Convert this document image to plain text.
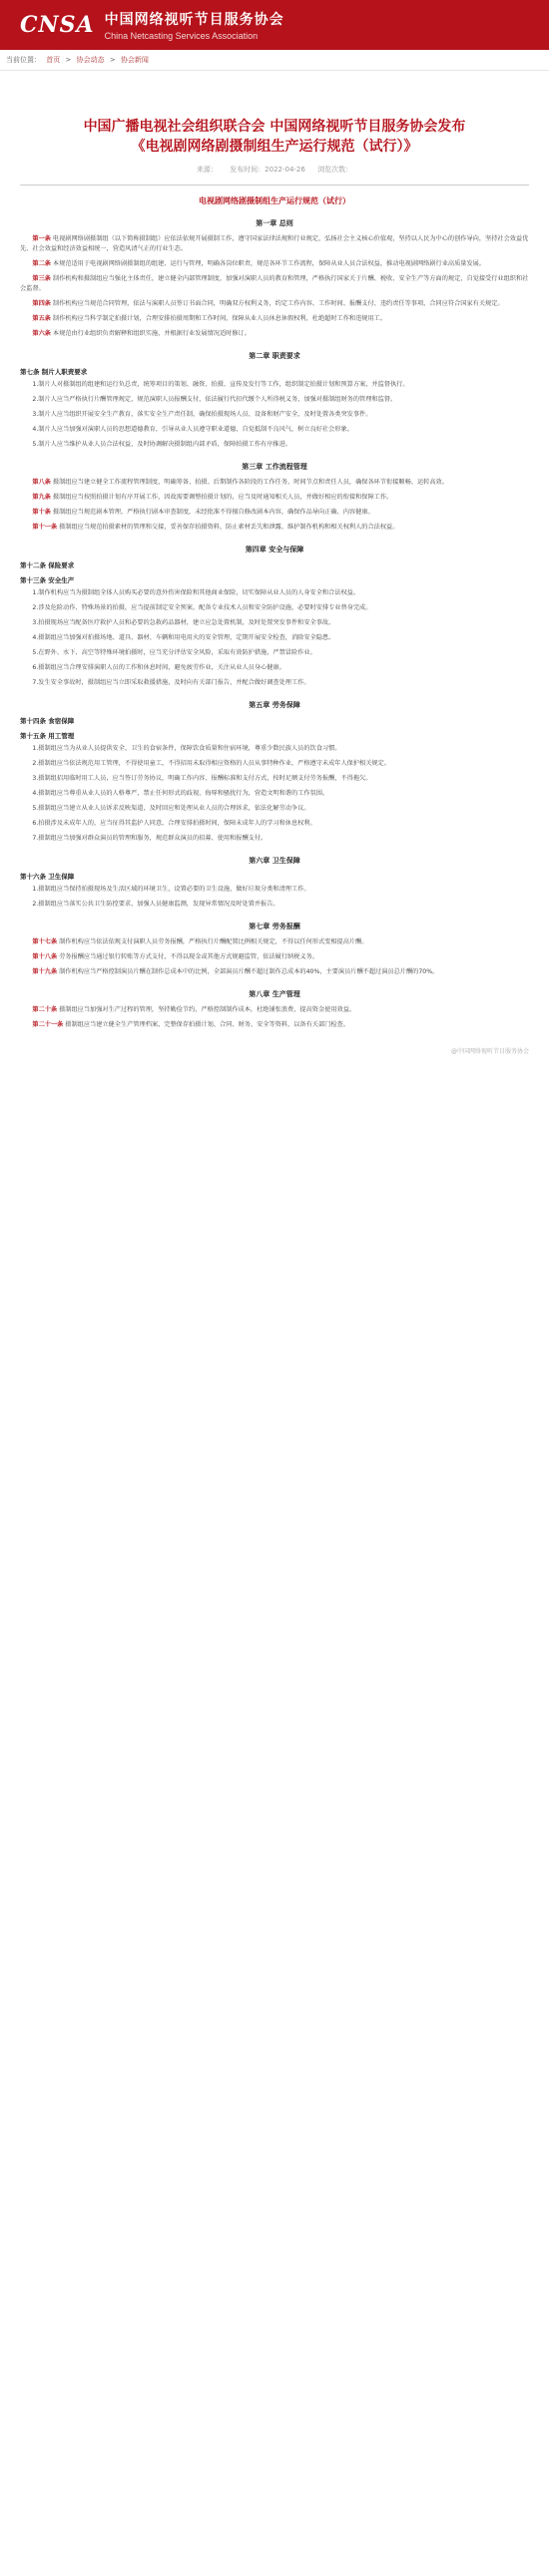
CNSA 中国网络视听节目服务协会
China Netcasting Services Association
当前位置： 首页 > 协会动态 > 协会新闻
中国广播电视社会组织联合会 中国网络视听节目服务协会发布
《电视剧网络剧摄制组生产运行规范（试行）》
来源： 发布时间：2022-04-26 浏览次数：
电视剧网络剧摄制组生产运行规范（试行）
第一章 总则

第一条 电视剧网络剧摄制组（以下简称摄制组）应依法依规开展摄制工作，遵守国家法律法规和行业规定，弘扬社会主义核心价值观，坚持以人民为中心的创作导向，坚持社会效益优先、社会效益和经济效益相统一，营造风清气正的行业生态。

第二条 本规范适用于电视剧网络剧摄制组的组建、运行与管理，明确各岗位职责，规范各环节工作流程，保障从业人员合法权益，推动电视剧网络剧行业高质量发展。

第三条 制作机构和摄制组应当强化主体责任，建立健全内部管理制度，加强对演职人员的教育和管理，严格执行国家关于片酬、税收、安全生产等方面的规定，自觉接受行业组织和社会监督。

第四条 制作机构应当规范合同管理，依法与演职人员签订书面合同，明确双方权利义务，约定工作内容、工作时间、报酬支付、违约责任等事项，合同应符合国家有关规定。

第五条 制作机构应当科学制定拍摄计划，合理安排拍摄周期和工作时间，保障从业人员休息休假权利，杜绝超时工作和违规用工。

第六条 本规范由行业组织负责解释和组织实施，并根据行业发展情况适时修订。

第二章 职责要求
第七条 制片人职责要求

1.制片人对摄制组的组建和运行负总责，统筹项目的策划、融资、拍摄、宣传及发行等工作，组织制定拍摄计划和预算方案，并监督执行。

2.制片人应当严格执行片酬管理规定，规范演职人员报酬支付，依法履行代扣代缴个人所得税义务，加强对摄制组财务的管理和监督。

3.制片人应当组织开展安全生产教育，落实安全生产责任制，确保拍摄现场人员、设备和财产安全，及时处置各类突发事件。

4.制片人应当加强对演职人员的思想道德教育，引导从业人员遵守职业道德，自觉抵制不良风气，树立良好社会形象。

5.制片人应当维护从业人员合法权益，及时协调解决摄制组内部矛盾，保障拍摄工作有序推进。

第三章 工作流程管理

第八条 摄制组应当建立健全工作流程管理制度，明确筹备、拍摄、后期制作各阶段的工作任务、时间节点和责任人员，确保各环节衔接顺畅、运转高效。

第九条 摄制组应当按照拍摄计划有序开展工作，因故需要调整拍摄计划的，应当及时通知相关人员，并做好相应的衔接和保障工作。

第十条 摄制组应当规范剧本管理，严格执行剧本审查制度，未经批准不得擅自修改剧本内容，确保作品导向正确、内容健康。

第十一条 摄制组应当规范拍摄素材的管理和交接，妥善保存拍摄资料，防止素材丢失和泄露，维护制作机构和相关权利人的合法权益。

第四章 安全与保障
第十二条 保险要求
第十三条 安全生产

1.制作机构应当为摄制组全体人员购买必要的意外伤害保险和其他商业保险，切实保障从业人员的人身安全和合法权益。

2.涉及危险动作、特殊场景的拍摄，应当提前制定安全预案，配备专业技术人员和安全防护设施，必要时安排专业替身完成。

3.拍摄现场应当配备医疗救护人员和必要的急救药品器材，建立应急处置机制，及时处置突发事件和安全事故。

4.摄制组应当加强对拍摄场地、道具、器材、车辆和用电用火的安全管理，定期开展安全检查，消除安全隐患。

5.在野外、水下、高空等特殊环境拍摄时，应当充分评估安全风险，采取有效防护措施，严禁冒险作业。

6.摄制组应当合理安排演职人员的工作和休息时间，避免疲劳作业，关注从业人员身心健康。

7.发生安全事故时，摄制组应当立即采取救援措施，及时向有关部门报告，并配合做好调查处理工作。

第五章 劳务保障
第十四条 食宿保障
第十五条 用工管理

1.摄制组应当为从业人员提供安全、卫生的食宿条件，保障饮食质量和住宿环境，尊重少数民族人员的饮食习惯。

2.摄制组应当依法规范用工管理，不得使用童工，不得招用未取得相应资格的人员从事特种作业，严格遵守未成年人保护相关规定。

3.摄制组招用临时用工人员，应当签订劳务协议，明确工作内容、报酬标准和支付方式，按时足额支付劳务报酬，不得拖欠。

4.摄制组应当尊重从业人员的人格尊严，禁止任何形式的歧视、侮辱和骚扰行为，营造文明和谐的工作氛围。

5.摄制组应当建立从业人员诉求反映渠道，及时回应和处理从业人员的合理诉求，依法化解劳动争议。

6.拍摄涉及未成年人的，应当征得其监护人同意，合理安排拍摄时间，保障未成年人的学习和休息权利。

7.摄制组应当加强对群众演员的管理和服务，规范群众演员的招募、使用和报酬支付。

第六章 卫生保障
第十六条 卫生保障

1.摄制组应当保持拍摄现场及生活区域的环境卫生，设置必要的卫生设施，做好垃圾分类和清理工作。

2.摄制组应当落实公共卫生防控要求，加强人员健康监测，发现异常情况及时处置并报告。

第七章 劳务报酬

第十七条 制作机构应当依法依规支付演职人员劳务报酬，严格执行片酬配置比例相关规定，不得以任何形式变相提高片酬。

第十八条 劳务报酬应当通过银行转账等方式支付，不得以现金或其他方式规避监管，依法履行纳税义务。

第十九条 制作机构应当严格控制演员片酬在制作总成本中的比例，全部演员片酬不超过制作总成本的40%，主要演员片酬不超过演员总片酬的70%。

第八章 生产管理

第二十条 摄制组应当加强对生产过程的管理，坚持勤俭节约，严格控制制作成本，杜绝铺张浪费，提高资金使用效益。

第二十一条 摄制组应当建立健全生产管理档案，完整保存拍摄计划、合同、财务、安全等资料，以备有关部门检查。

@中国网络视听节目服务协会
